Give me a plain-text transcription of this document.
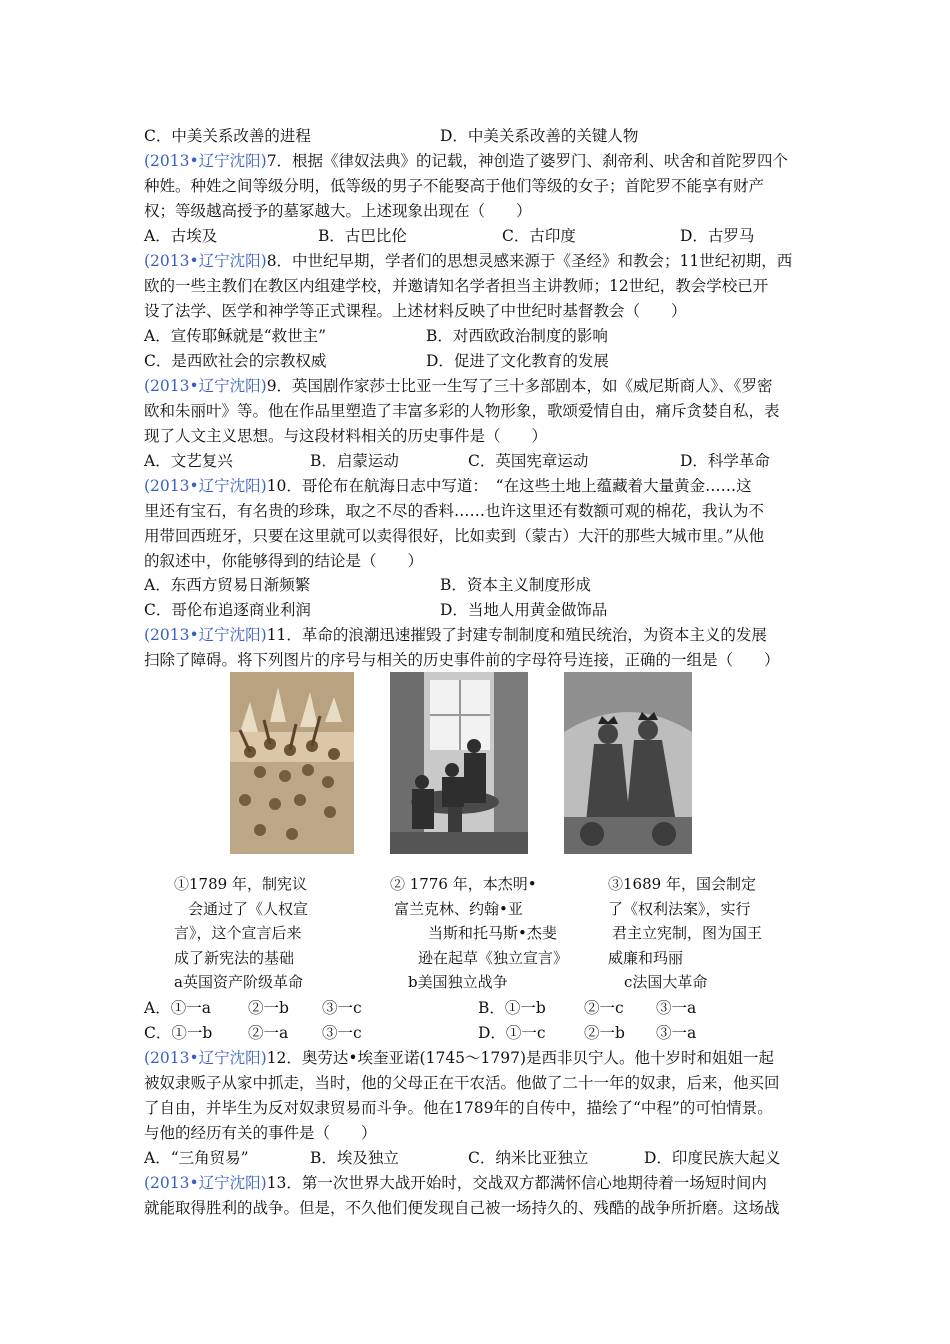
C．中美关系改善的进程	D．中美关系改善的关键人物
(2013•辽宁沈阳)7．根据《律奴法典》的记载，神创造了婆罗门、刹帝利、吠舍和首陀罗四个
种姓。种姓之间等级分明，低等级的男子不能娶高于他们等级的女子；首陀罗不能享有财产
权；等级越高授予的墓冢越大。上述现象出现在（　　）
A．古埃及	B．古巴比伦	C．古印度	D．古罗马
(2013•辽宁沈阳)8．中世纪早期，学者们的思想灵感来源于《圣经》和教会；11世纪初期，西
欧的一些主教们在教区内组建学校，并邀请知名学者担当主讲教师；12世纪，教会学校已开
设了法学、医学和神学等正式课程。上述材料反映了中世纪时基督教会（　　）
A．宣传耶稣就是“救世主”	B．对西欧政治制度的影响
C．是西欧社会的宗教权威	D．促进了文化教育的发展
(2013•辽宁沈阳)9．英国剧作家莎士比亚一生写了三十多部剧本，如《威尼斯商人》、《罗密
欧和朱丽叶》等。他在作品里塑造了丰富多彩的人物形象，歌颂爱情自由，痛斥贪婪自私，表
现了人文主义思想。与这段材料相关的历史事件是（　　）
A．文艺复兴	B．启蒙运动	C．英国宪章运动	D．科学革命
(2013•辽宁沈阳)10．哥伦布在航海日志中写道：　“在这些土地上蕴藏着大量黄金……这
里还有宝石，有名贵的珍珠，取之不尽的香料……也许这里还有数额可观的棉花，我认为不
用带回西班牙，只要在这里就可以卖得很好，比如卖到（蒙古）大汗的那些大城市里。”从他
的叙述中，你能够得到的结论是（　　）
A．东西方贸易日渐频繁	B．资本主义制度形成
C．哥伦布追逐商业利润	D．当地人用黄金做饰品
(2013•辽宁沈阳)11．革命的浪潮迅速摧毁了封建专制制度和殖民统治，为资本主义的发展
扫除了障碍。将下列图片的序号与相关的历史事件前的字母符号连接，正确的一组是（　　）
①1789 年，制宪议
会通过了《人权宣
言》，这个宣言后来
成了新宪法的基础
a英国资产阶级革命
② 1776 年，本杰明•
富兰克林、约翰•亚
当斯和托马斯•杰斐
逊在起草《独立宣言》
b美国独立战争
③1689 年，国会制定
了《权利法案》，实行
君主立宪制，图为国王
威廉和玛丽
c法国大革命
A．①一a ②一b ③一c	B．①一b ②一c ③一a
C．①一b ②一a ③一c	D．①一c ②一b ③一a
(2013•辽宁沈阳)12．奥劳达•埃奎亚诺(1745～1797)是西非贝宁人。他十岁时和姐姐一起
被奴隶贩子从家中抓走，当时，他的父母正在干农活。他做了二十一年的奴隶，后来，他买回
了自由，并毕生为反对奴隶贸易而斗争。他在1789年的自传中，描绘了“中程”的可怕情景。
与他的经历有关的事件是（　　）
A．“三角贸易”	B．埃及独立	C．纳米比亚独立	D．印度民族大起义
(2013•辽宁沈阳)13．第一次世界大战开始时，交战双方都满怀信心地期待着一场短时间内
就能取得胜利的战争。但是，不久他们便发现自己被一场持久的、残酷的战争所折磨。这场战
